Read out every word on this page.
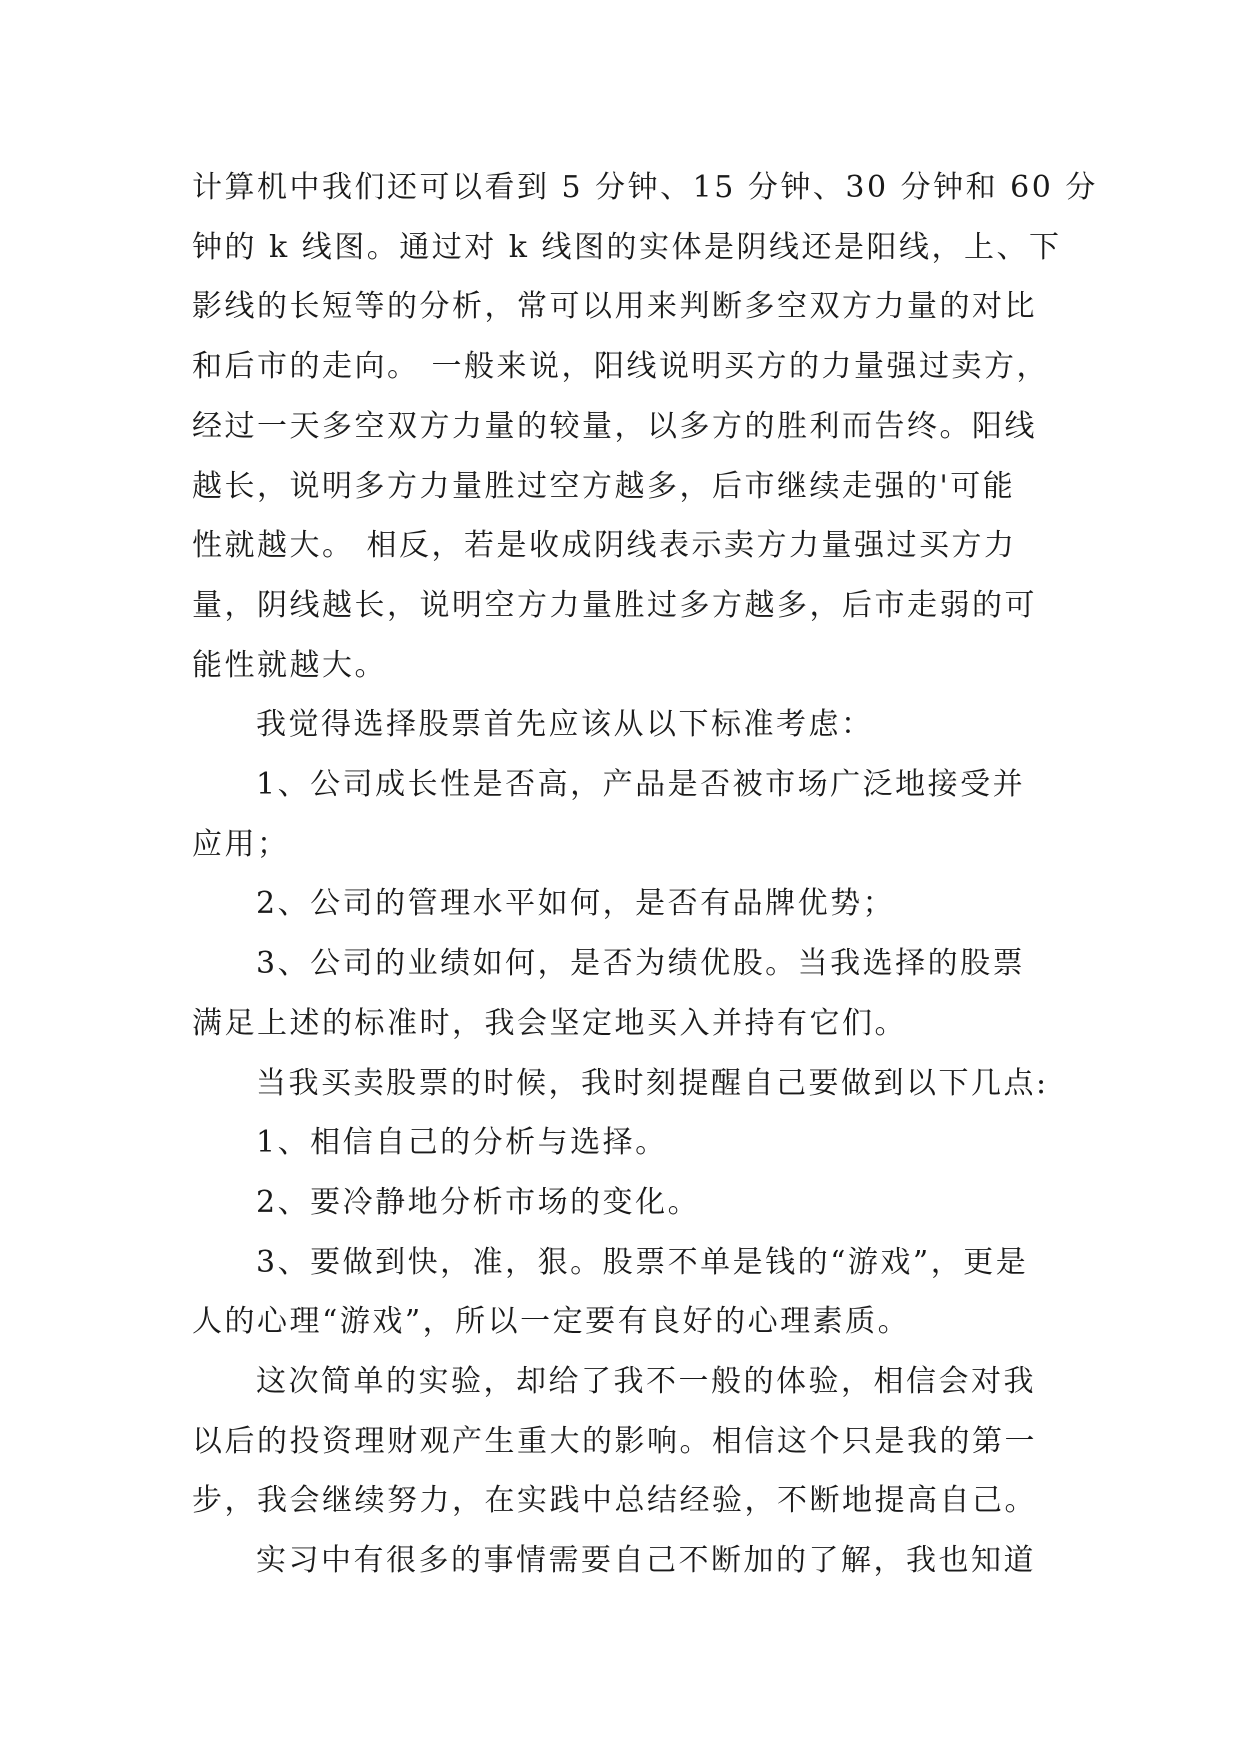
计算机中我们还可以看到 5 分钟、15 分钟、30 分钟和 60 分
钟的 k 线图。通过对 k 线图的实体是阴线还是阳线，上、下
影线的长短等的分析，常可以用来判断多空双方力量的对比
和后市的走向。 一般来说，阳线说明买方的力量强过卖方，
经过一天多空双方力量的较量，以多方的胜利而告终。阳线
越长，说明多方力量胜过空方越多，后市继续走强的'可能
性就越大。 相反，若是收成阴线表示卖方力量强过买方力
量，阴线越长，说明空方力量胜过多方越多，后市走弱的可
能性就越大。

我觉得选择股票首先应该从以下标准考虑：

1、公司成长性是否高，产品是否被市场广泛地接受并
应用；

2、公司的管理水平如何，是否有品牌优势；

3、公司的业绩如何，是否为绩优股。当我选择的股票
满足上述的标准时，我会坚定地买入并持有它们。

当我买卖股票的时候，我时刻提醒自己要做到以下几点:

1、相信自己的分析与选择。

2、要冷静地分析市场的变化。

3、要做到快，准，狠。股票不单是钱的“游戏”，更是
人的心理“游戏”，所以一定要有良好的心理素质。

这次简单的实验，却给了我不一般的体验，相信会对我
以后的投资理财观产生重大的影响。相信这个只是我的第一
步，我会继续努力，在实践中总结经验，不断地提高自己。

实习中有很多的事情需要自己不断加的了解，我也知道
